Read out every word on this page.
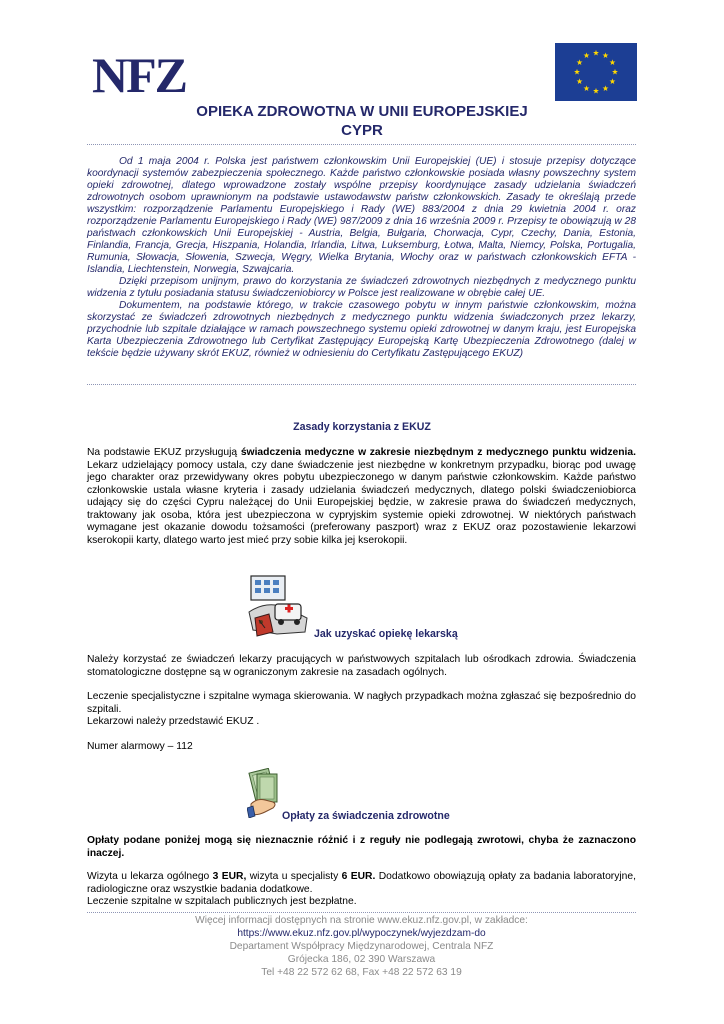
NFZ
OPIEKA ZDROWOTNA W UNII EUROPEJSKIEJ
CYPR

Od 1 maja 2004 r. Polska jest państwem członkowskim Unii Europejskiej (UE) i stosuje przepisy dotyczące koordynacji systemów zabezpieczenia społecznego. Każde państwo członkowskie posiada własny powszechny system opieki zdrowotnej, dlatego wprowadzone zostały wspólne przepisy koordynujące zasady udzielania świadczeń zdrowotnych osobom uprawnionym na podstawie ustawodawstw państw członkowskich. Zasady te określają przede wszystkim: rozporządzenie Parlamentu Europejskiego i Rady (WE) 883/2004 z dnia 29 kwietnia 2004 r. oraz rozporządzenie Parlamentu Europejskiego i Rady (WE) 987/2009 z dnia 16 września 2009 r. Przepisy te obowiązują w 28 państwach członkowskich Unii Europejskiej - Austria, Belgia, Bułgaria, Chorwacja, Cypr, Czechy, Dania, Estonia, Finlandia, Francja, Grecja, Hiszpania, Holandia, Irlandia, Litwa, Luksemburg, Łotwa, Malta, Niemcy, Polska, Portugalia, Rumunia, Słowacja, Słowenia, Szwecja, Węgry, Wielka Brytania, Włochy oraz w państwach członkowskich EFTA - Islandia, Liechtenstein, Norwegia, Szwajcaria.

Dzięki przepisom unijnym, prawo do korzystania ze świadczeń zdrowotnych niezbędnych z medycznego punktu widzenia z tytułu posiadania statusu świadczeniobiorcy w Polsce jest realizowane w obrębie całej UE.

Dokumentem, na podstawie którego, w trakcie czasowego pobytu w innym państwie członkowskim, można skorzystać ze świadczeń zdrowotnych niezbędnych z medycznego punktu widzenia świadczonych przez lekarzy, przychodnie lub szpitale działające w ramach powszechnego systemu opieki zdrowotnej w danym kraju, jest Europejska Karta Ubezpieczenia Zdrowotnego lub Certyfikat Zastępujący Europejską Kartę Ubezpieczenia Zdrowotnego (dalej w tekście będzie używany skrót EKUZ, również w odniesieniu do Certyfikatu Zastępującego EKUZ)

Zasady korzystania z EKUZ

Na podstawie EKUZ przysługują świadczenia medyczne w zakresie niezbędnym z medycznego punktu widzenia. Lekarz udzielający pomocy ustala, czy dane świadczenie jest niezbędne w konkretnym przypadku, biorąc pod uwagę jego charakter oraz przewidywany okres pobytu ubezpieczonego w danym państwie członkowskim. Każde państwo członkowskie ustala własne kryteria i zasady udzielania świadczeń medycznych, dlatego polski świadczeniobiorca udający się do części Cypru należącej do Unii Europejskiej będzie, w zakresie prawa do świadczeń medycznych, traktowany jak osoba, która jest ubezpieczona w cypryjskim systemie opieki zdrowotnej. W niektórych państwach wymagane jest okazanie dowodu tożsamości (preferowany paszport) wraz z EKUZ oraz pozostawienie lekarzowi kserokopii karty, dlatego warto jest mieć przy sobie kilka jej kserokopii.

Jak uzyskać opiekę lekarską

Należy korzystać ze świadczeń lekarzy pracujących w państwowych szpitalach lub ośrodkach zdrowia. Świadczenia stomatologiczne dostępne są w ograniczonym zakresie na zasadach ogólnych.

Leczenie specjalistyczne i szpitalne wymaga skierowania. W nagłych przypadkach można zgłaszać się bezpośrednio do szpitali.

Lekarzowi należy przedstawić EKUZ .

Numer alarmowy – 112

Opłaty za świadczenia zdrowotne

Opłaty podane poniżej mogą się nieznacznie różnić i z reguły nie podlegają zwrotowi, chyba że zaznaczono inaczej.

Wizyta u lekarza ogólnego 3 EUR, wizyta u specjalisty 6 EUR. Dodatkowo obowiązują opłaty za badania laboratoryjne, radiologiczne oraz wszystkie badania dodatkowe.

Leczenie szpitalne w szpitalach publicznych jest bezpłatne.

Więcej informacji dostępnych na stronie www.ekuz.nfz.gov.pl, w zakładce:
https://www.ekuz.nfz.gov.pl/wypoczynek/wyjezdzam-do
Departament Współpracy Międzynarodowej, Centrala NFZ
Grójecka 186, 02 390 Warszawa
Tel +48 22 572 62 68, Fax +48 22 572 63 19
